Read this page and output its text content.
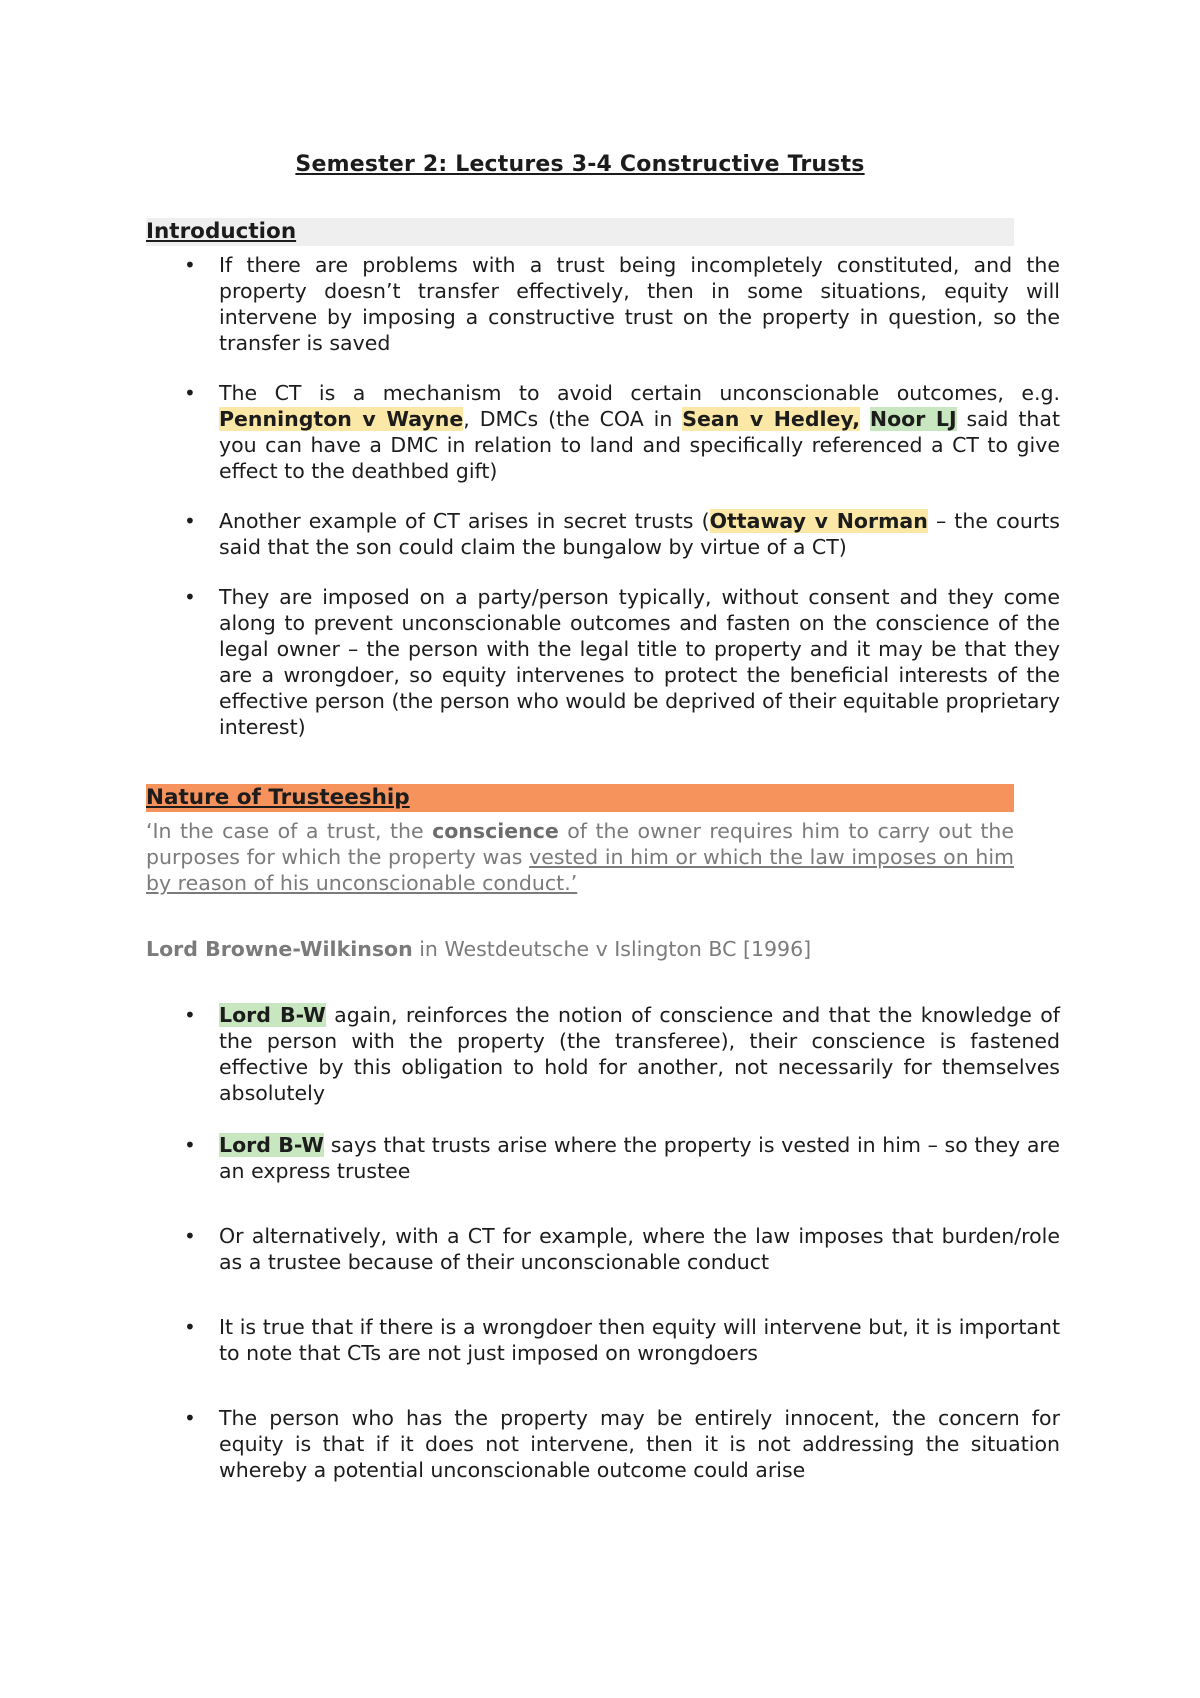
Semester 2: Lectures 3-4 Constructive Trusts
Introduction
• If there are problems with a trust being incompletely constituted, and the property doesn’t transfer effectively, then in some situations, equity will intervene by imposing a constructive trust on the property in question, so the transfer is saved
• The CT is a mechanism to avoid certain unconscionable outcomes, e.g. Pennington v Wayne, DMCs (the COA in Sean v Hedley, Noor LJ said that you can have a DMC in relation to land and specifically referenced a CT to give effect to the deathbed gift)
• Another example of CT arises in secret trusts (Ottaway v Norman – the courts said that the son could claim the bungalow by virtue of a CT)
• They are imposed on a party/person typically, without consent and they come along to prevent unconscionable outcomes and fasten on the conscience of the legal owner – the person with the legal title to property and it may be that they are a wrongdoer, so equity intervenes to protect the beneficial interests of the effective person (the person who would be deprived of their equitable proprietary interest)
Nature of Trusteeship
‘In the case of a trust, the conscience of the owner requires him to carry out the purposes for which the property was vested in him or which the law imposes on him by reason of his unconscionable conduct.’
Lord Browne-Wilkinson in Westdeutsche v Islington BC [1996]
• Lord B-W again, reinforces the notion of conscience and that the knowledge of the person with the property (the transferee), their conscience is fastened effective by this obligation to hold for another, not necessarily for themselves absolutely
• Lord B-W says that trusts arise where the property is vested in him – so they are an express trustee
• Or alternatively, with a CT for example, where the law imposes that burden/role as a trustee because of their unconscionable conduct
• It is true that if there is a wrongdoer then equity will intervene but, it is important to note that CTs are not just imposed on wrongdoers
• The person who has the property may be entirely innocent, the concern for equity is that if it does not intervene, then it is not addressing the situation whereby a potential unconscionable outcome could arise
